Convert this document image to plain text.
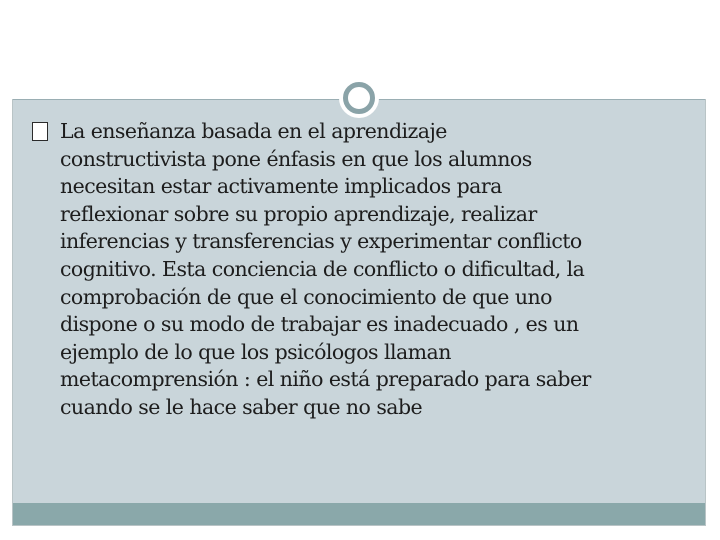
La enseñanza basada en el aprendizaje
constructivista pone énfasis en que los alumnos
necesitan estar activamente implicados para
reflexionar sobre su propio aprendizaje, realizar
inferencias y transferencias y experimentar conflicto
cognitivo. Esta conciencia de conflicto o dificultad, la
comprobación de que el conocimiento de que uno
dispone o su modo de trabajar es inadecuado , es un
ejemplo de lo que los psicólogos llaman
metacomprensión : el niño está preparado para saber
cuando se le hace saber que no sabe
